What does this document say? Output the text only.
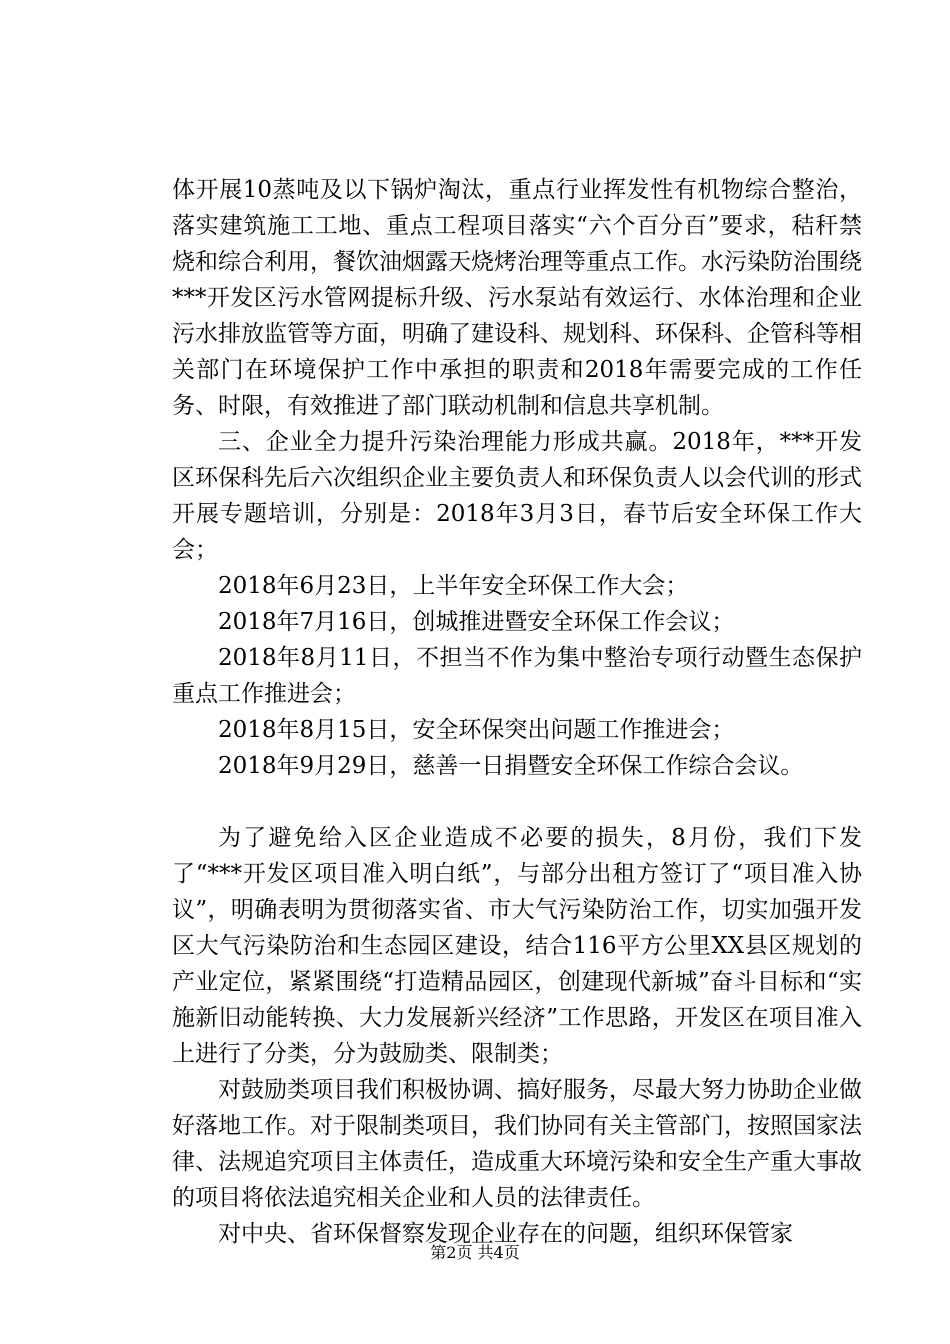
体开展10蒸吨及以下锅炉淘汰，重点行业挥发性有机物综合整治，落实建筑施工工地、重点工程项目落实“六个百分百”要求，秸秆禁烧和综合利用，餐饮油烟露天烧烤治理等重点工作。水污染防治围绕***开发区污水管网提标升级、污水泵站有效运行、水体治理和企业污水排放监管等方面，明确了建设科、规划科、环保科、企管科等相关部门在环境保护工作中承担的职责和2018年需要完成的工作任务、时限，有效推进了部门联动机制和信息共享机制。

三、企业全力提升污染治理能力形成共赢。2018年，***开发区环保科先后六次组织企业主要负责人和环保负责人以会代训的形式开展专题培训，分别是：2018年3月3日，春节后安全环保工作大会；

2018年6月23日，上半年安全环保工作大会；

2018年7月16日，创城推进暨安全环保工作会议；

2018年8月11日，不担当不作为集中整治专项行动暨生态保护重点工作推进会；

2018年8月15日，安全环保突出问题工作推进会；

2018年9月29日，慈善一日捐暨安全环保工作综合会议。

为了避免给入区企业造成不必要的损失，8月份，我们下发了“***开发区项目准入明白纸”，与部分出租方签订了“项目准入协议”，明确表明为贯彻落实省、市大气污染防治工作，切实加强开发区大气污染防治和生态园区建设，结合116平方公里XX县区规划的产业定位，紧紧围绕“打造精品园区，创建现代新城”奋斗目标和“实施新旧动能转换、大力发展新兴经济”工作思路，开发区在项目准入上进行了分类，分为鼓励类、限制类；

对鼓励类项目我们积极协调、搞好服务，尽最大努力协助企业做好落地工作。对于限制类项目，我们协同有关主管部门，按照国家法律、法规追究项目主体责任，造成重大环境污染和安全生产重大事故的项目将依法追究相关企业和人员的法律责任。

对中央、省环保督察发现企业存在的问题，组织环保管家

第2页 共4页
